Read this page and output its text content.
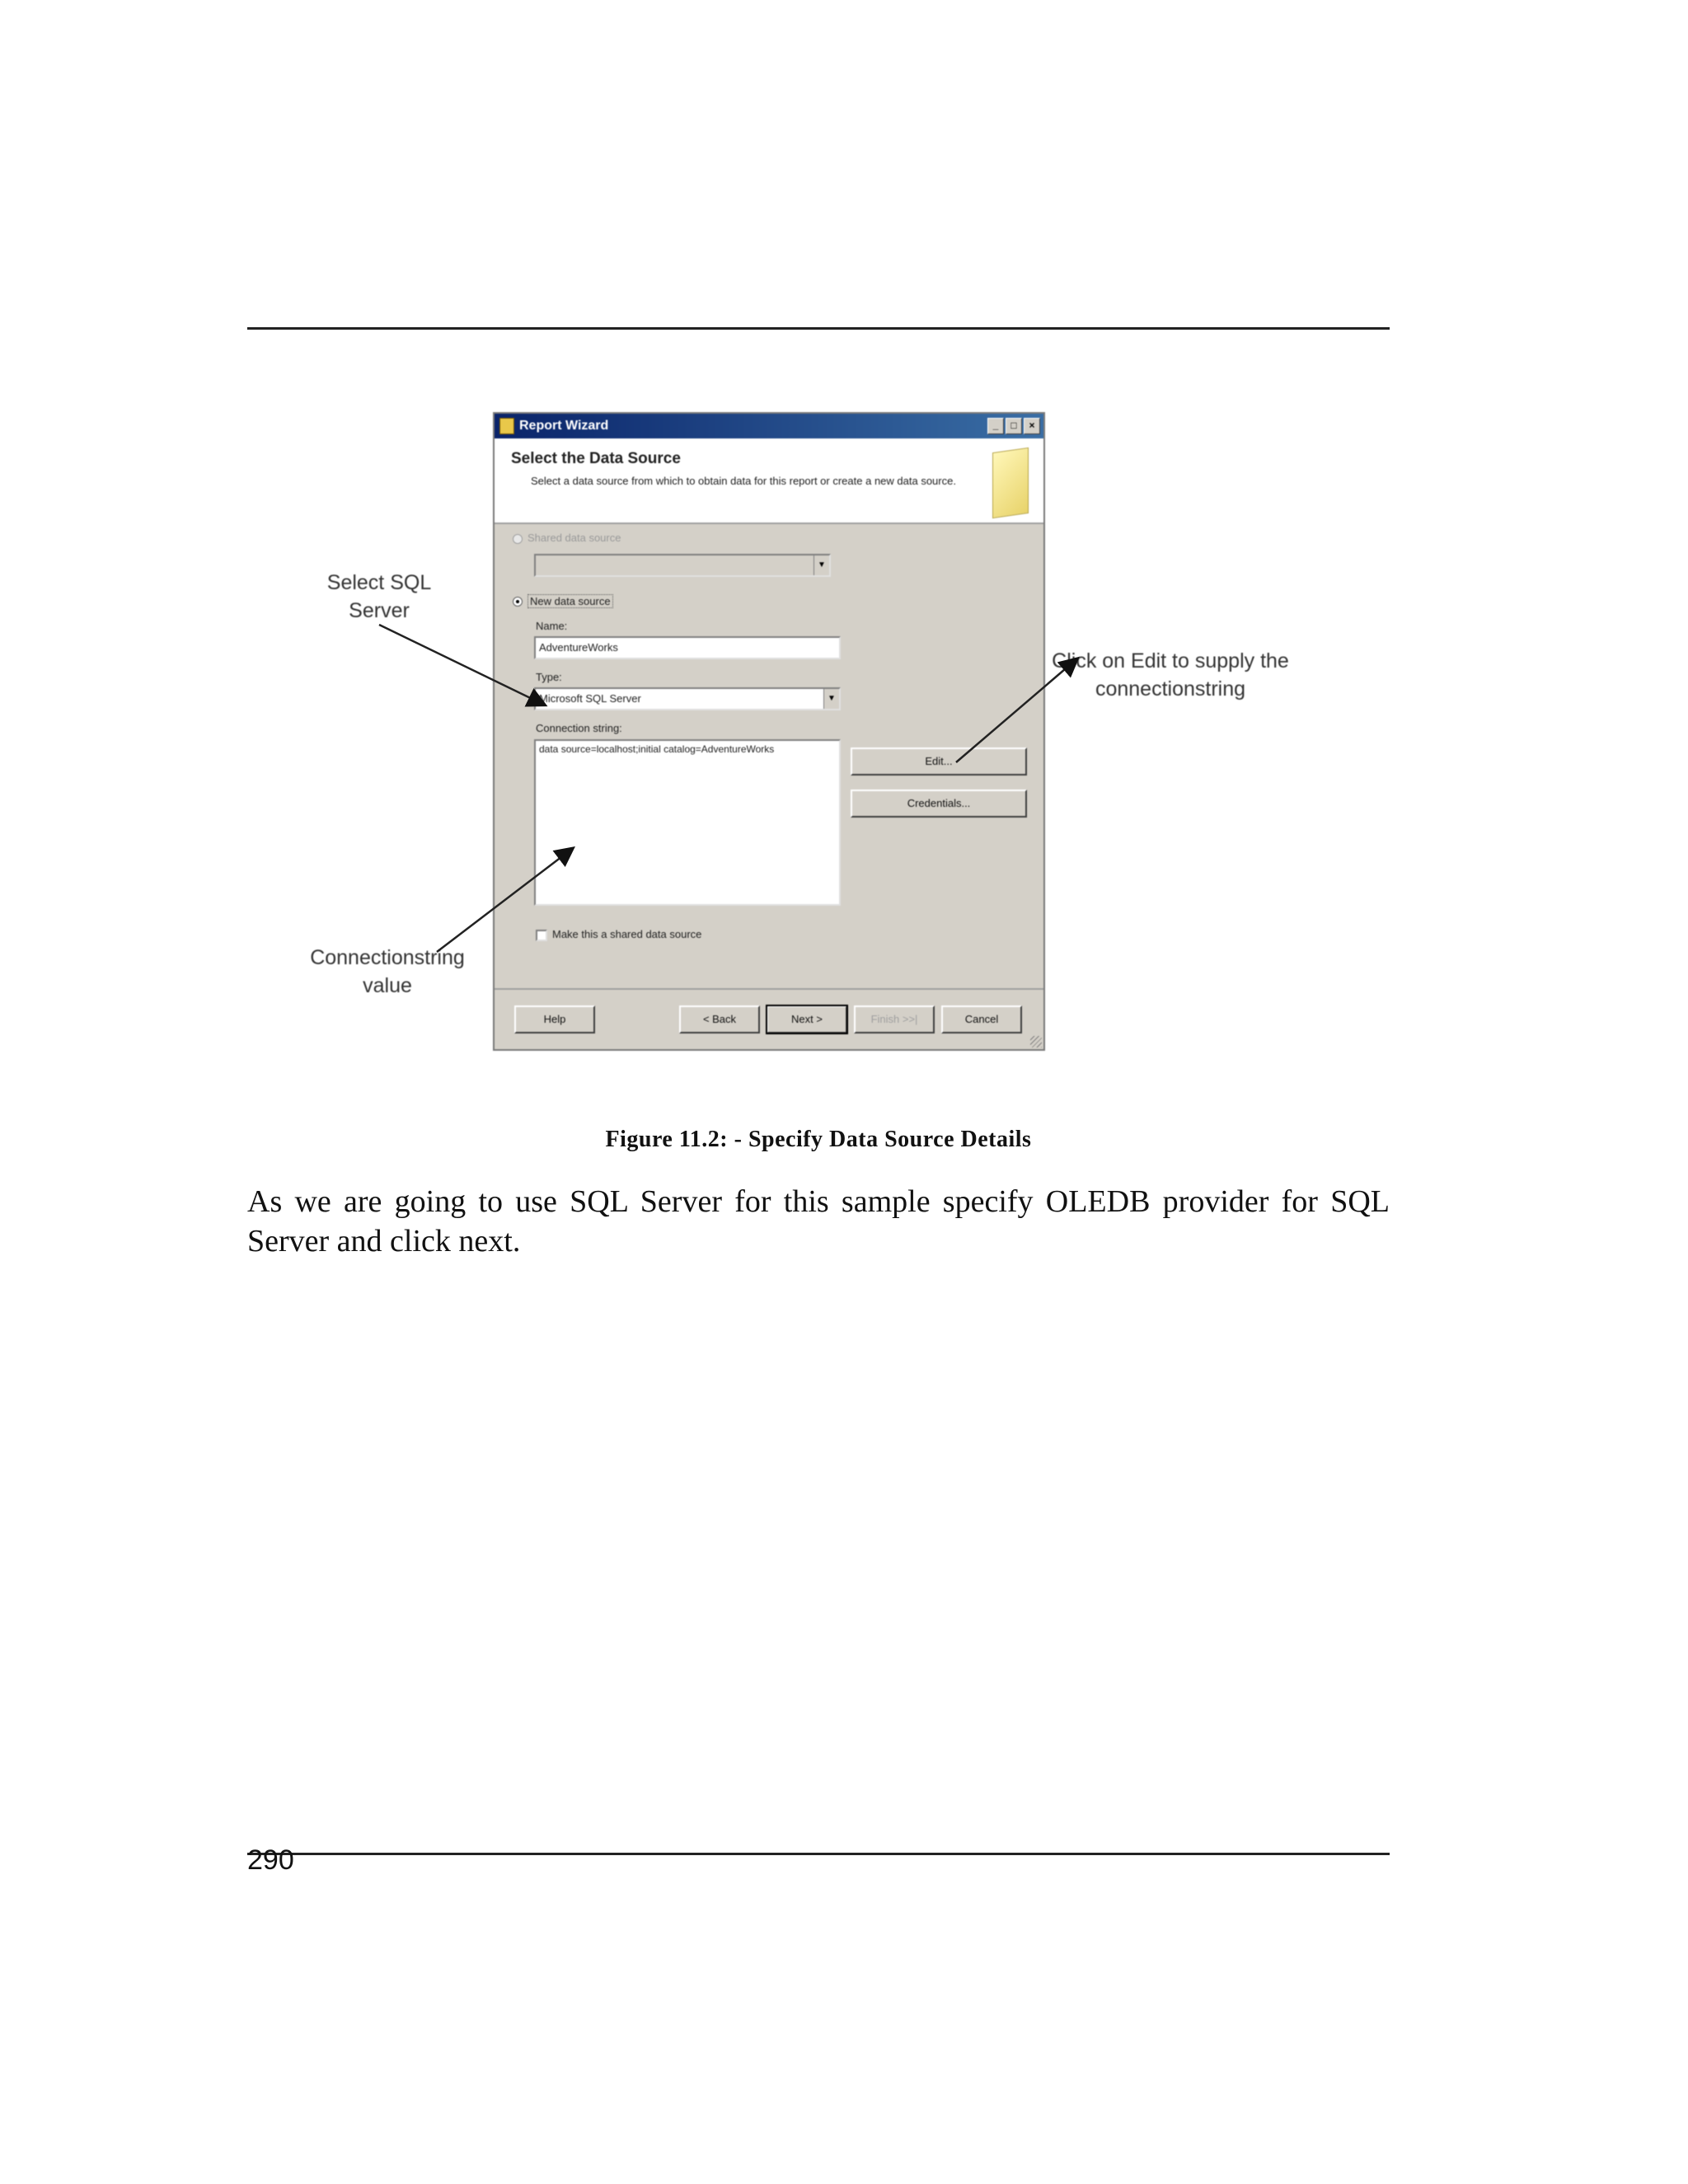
Report Wizard	_	□	×
Select the Data Source
Select a data source from which to obtain data for this report or create a new data source.
Shared data source
▼
New data source
Name:
AdventureWorks
Type:
Microsoft SQL Server	▼
Connection string:
data source=localhost;initial catalog=AdventureWorks
Edit...
Credentials...
Make this a shared data source
Help	< Back	Next >	Finish >>|	Cancel
Select SQL
Server
Click on Edit to supply the
connectionstring
Connectionstring
value
Figure 11.2: - Specify Data Source Details
As we are going to use SQL Server for this sample specify OLEDB provider for SQL Server and click next.
290
